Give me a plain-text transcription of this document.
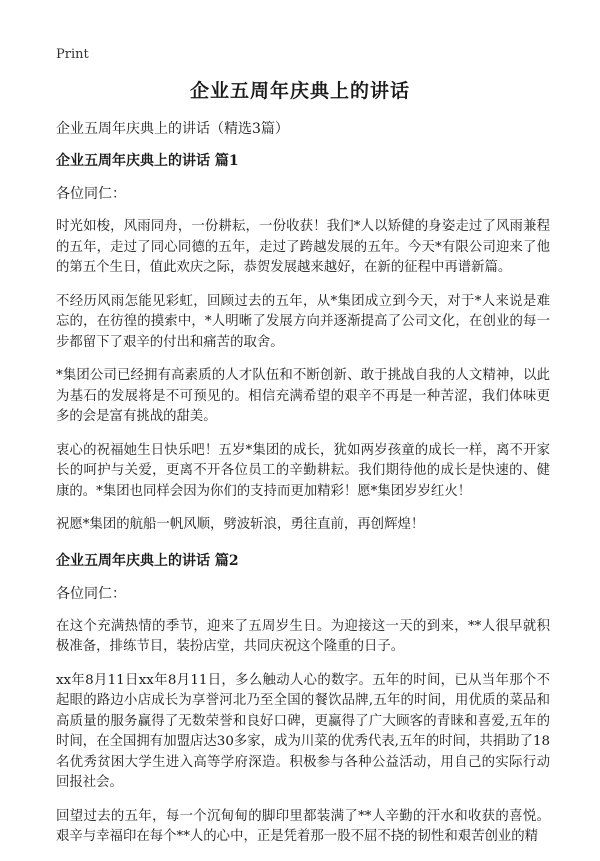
Print
企业五周年庆典上的讲话
企业五周年庆典上的讲话（精选3篇）
企业五周年庆典上的讲话 篇1
各位同仁：

时光如梭，风雨同舟，一份耕耘，一份收获！我们*人以矫健的身姿走过了风雨兼程的五年，走过了同心同德的五年，走过了跨越发展的五年。今天*有限公司迎来了他的第五个生日，值此欢庆之际，恭贺发展越来越好，在新的征程中再谱新篇。

不经历风雨怎能见彩虹，回顾过去的五年，从*集团成立到今天，对于*人来说是难忘的，在彷徨的摸索中，*人明晰了发展方向并逐渐提高了公司文化，在创业的每一步都留下了艰辛的付出和痛苦的取舍。

*集团公司已经拥有高素质的人才队伍和不断创新、敢于挑战自我的人文精神，以此为基石的发展将是不可预见的。相信充满希望的艰辛不再是一种苦涩，我们体味更多的会是富有挑战的甜美。

衷心的祝福她生日快乐吧！五岁*集团的成长，犹如两岁孩童的成长一样，离不开家长的呵护与关爱，更离不开各位员工的辛勤耕耘。我们期待他的成长是快速的、健康的。*集团也同样会因为你们的支持而更加精彩！愿*集团岁岁红火！

祝愿*集团的航船一帆风顺，劈波斩浪，勇往直前，再创辉煌！

企业五周年庆典上的讲话 篇2
各位同仁：

在这个充满热情的季节，迎来了五周岁生日。为迎接这一天的到来，**人很早就积极准备，排练节目，装扮店堂，共同庆祝这个隆重的日子。

xx年8月11日xx年8月11日，多么触动人心的数字。五年的时间，已从当年那个不起眼的路边小店成长为享誉河北乃至全国的餐饮品牌,五年的时间，用优质的菜品和高质量的服务赢得了无数荣誉和良好口碑，更赢得了广大顾客的青睐和喜爱,五年的时间，在全国拥有加盟店达30多家，成为川菜的优秀代表,五年的时间，共捐助了18名优秀贫困大学生进入高等学府深造。积极参与各种公益活动，用自己的实际行动回报社会。

回望过去的五年，每一个沉甸甸的脚印里都装满了**人辛勤的汗水和收获的喜悦。艰辛与幸福印在每个**人的心中，正是凭着那一股不屈不挠的韧性和艰苦创业的精
